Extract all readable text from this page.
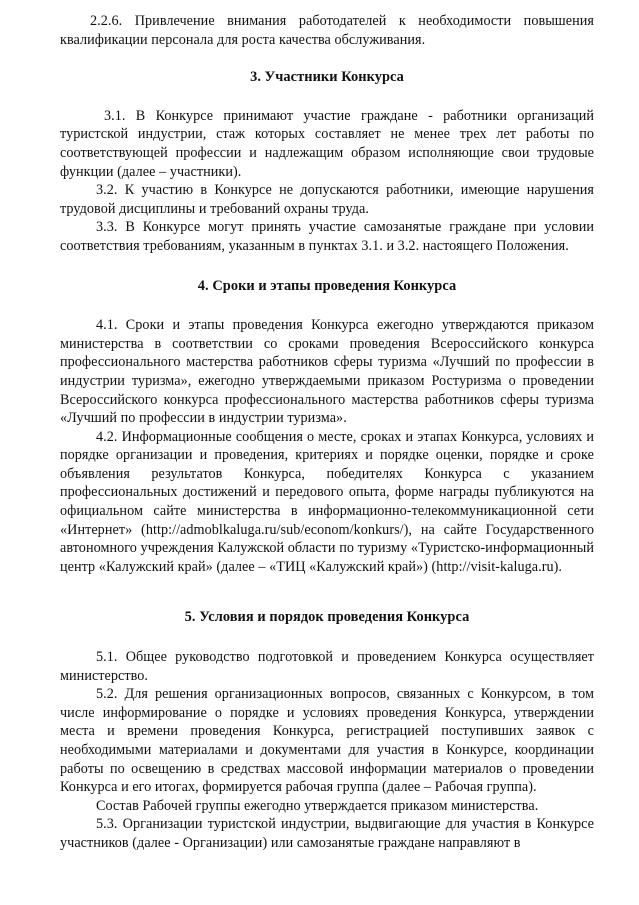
2.2.6. Привлечение внимания работодателей к необходимости повышения квалификации персонала для роста качества обслуживания.

3. Участники Конкурса

3.1. В Конкурсе принимают участие граждане - работники организаций туристской индустрии, стаж которых составляет не менее трех лет работы по соответствующей профессии и надлежащим образом исполняющие свои трудовые функции (далее – участники).

3.2. К участию в Конкурсе не допускаются работники, имеющие нарушения трудовой дисциплины и требований охраны труда.

3.3. В Конкурсе могут принять участие самозанятые граждане при условии соответствия требованиям, указанным в пунктах 3.1. и 3.2. настоящего Положения.

4. Сроки и этапы проведения Конкурса

4.1. Сроки и этапы проведения Конкурса ежегодно утверждаются приказом министерства в соответствии со сроками проведения Всероссийского конкурса профессионального мастерства работников сферы туризма «Лучший по профессии в индустрии туризма», ежегодно утверждаемыми приказом Ростуризма о проведении Всероссийского конкурса профессионального мастерства работников сферы туризма «Лучший по профессии в индустрии туризма».

4.2. Информационные сообщения о месте, сроках и этапах Конкурса, условиях и порядке организации и проведения, критериях и порядке оценки, порядке и сроке объявления результатов Конкурса, победителях Конкурса с указанием профессиональных достижений и передового опыта, форме награды публикуются на официальном сайте министерства в информационно-телекоммуникационной сети «Интернет» (http://admoblkaluga.ru/sub/econom/konkurs/), на сайте Государственного автономного учреждения Калужской области по туризму «Туристско-информационный центр «Калужский край» (далее – «ТИЦ «Калужский край») (http://visit-kaluga.ru).

5. Условия и порядок проведения Конкурса

5.1. Общее руководство подготовкой и проведением Конкурса осуществляет министерство.

5.2. Для решения организационных вопросов, связанных с Конкурсом, в том числе информирование о порядке и условиях проведения Конкурса, утверждении места и времени проведения Конкурса, регистрацией поступивших заявок с необходимыми материалами и документами для участия в Конкурсе, координации работы по освещению в средствах массовой информации материалов о проведении Конкурса и его итогах, формируется рабочая группа (далее – Рабочая группа).

Состав Рабочей группы ежегодно утверждается приказом министерства.

5.3. Организации туристской индустрии, выдвигающие для участия в Конкурсе участников (далее - Организации) или самозанятые граждане направляют в
